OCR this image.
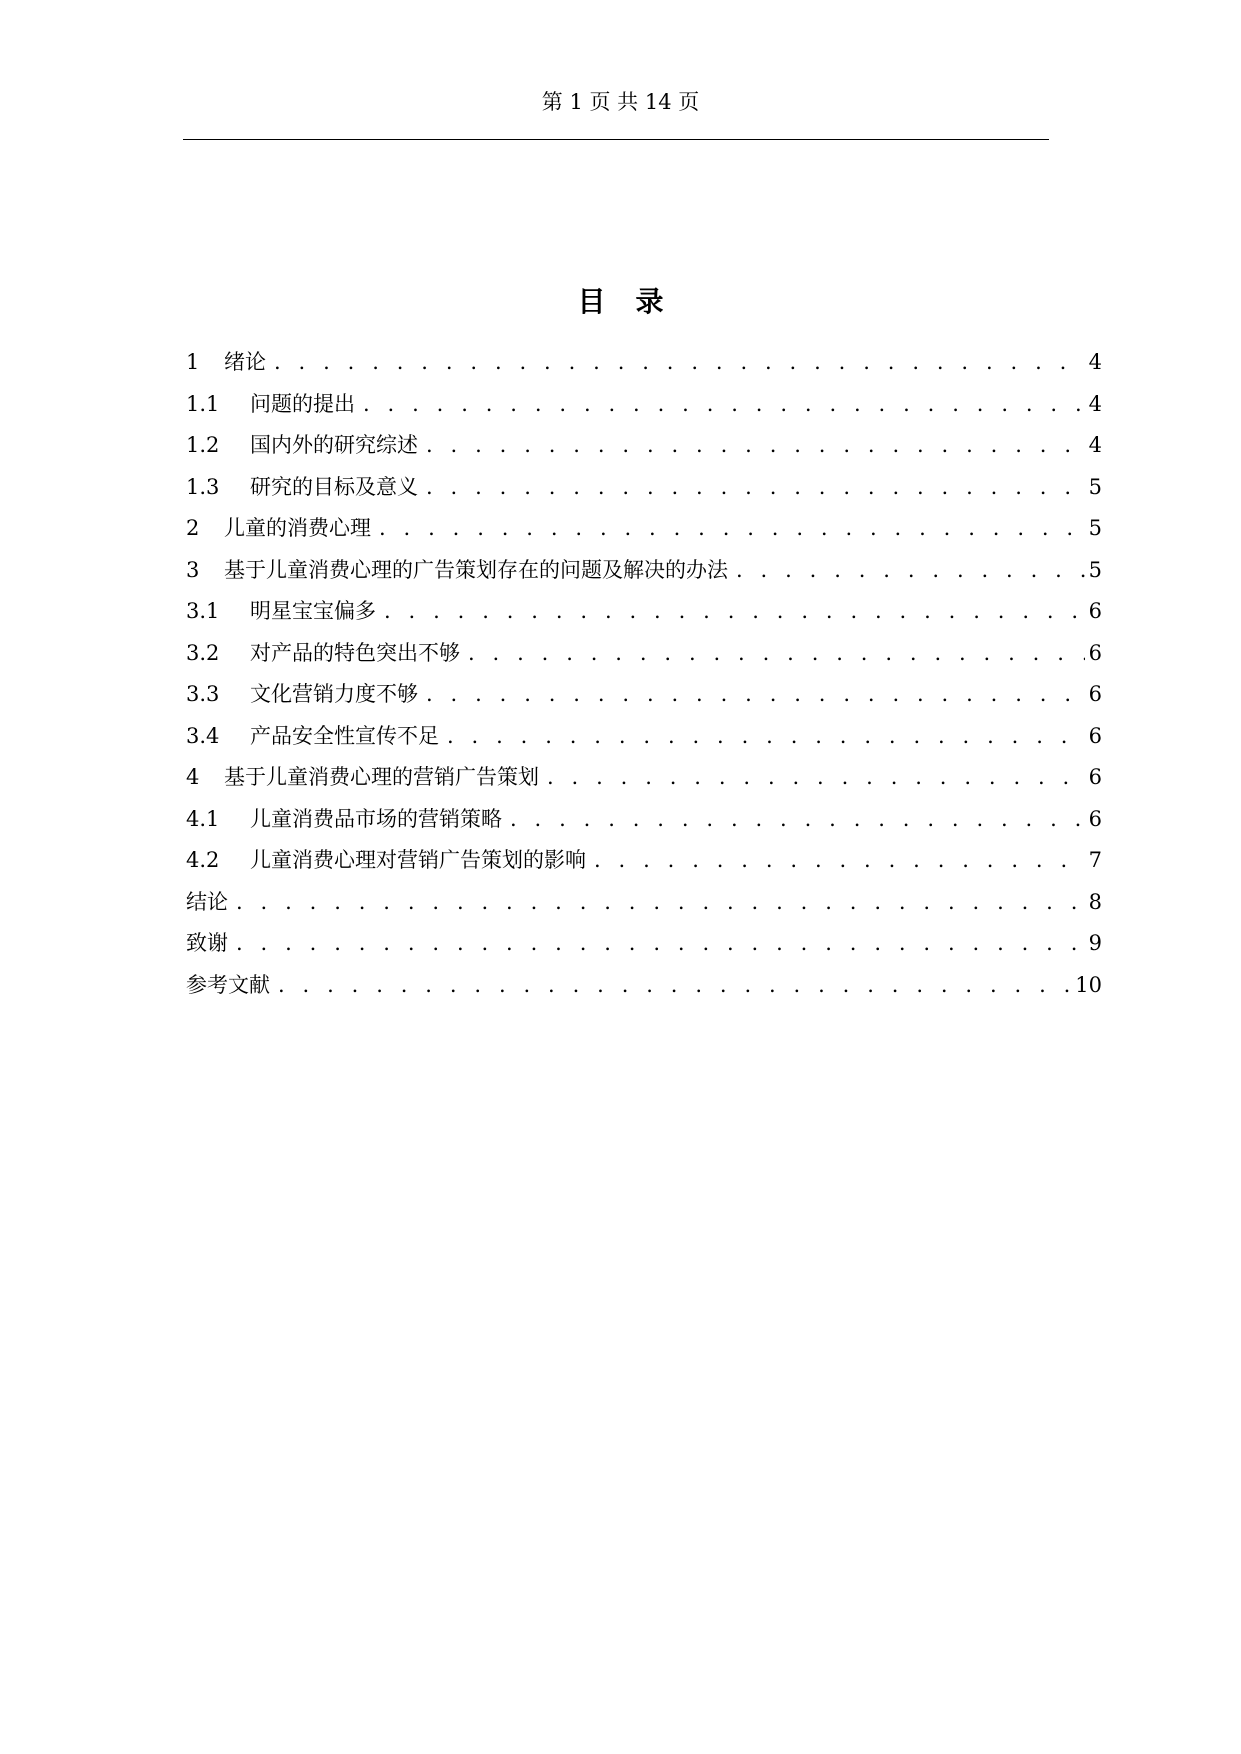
第 1 页 共 14 页
目录
1	绪论 . . .	4
1.1	问题的提出 . . .	4
1.2	国内外的研究综述 . . .	4
1.3	研究的目标及意义 . . .	5
2	儿童的消费心理 . . .	5
3	基于儿童消费心理的广告策划存在的问题及解决的办法 . . .	5
3.1	明星宝宝偏多 . . .	6
3.2	对产品的特色突出不够 . . .	6
3.3	文化营销力度不够 . . .	6
3.4	产品安全性宣传不足 . . .	6
4	基于儿童消费心理的营销广告策划 . . .	6
4.1	儿童消费品市场的营销策略 . . .	6
4.2	儿童消费心理对营销广告策划的影响 . . .	7
结论 . . .	8
致谢 . . .	9
参考文献 . . .	10
